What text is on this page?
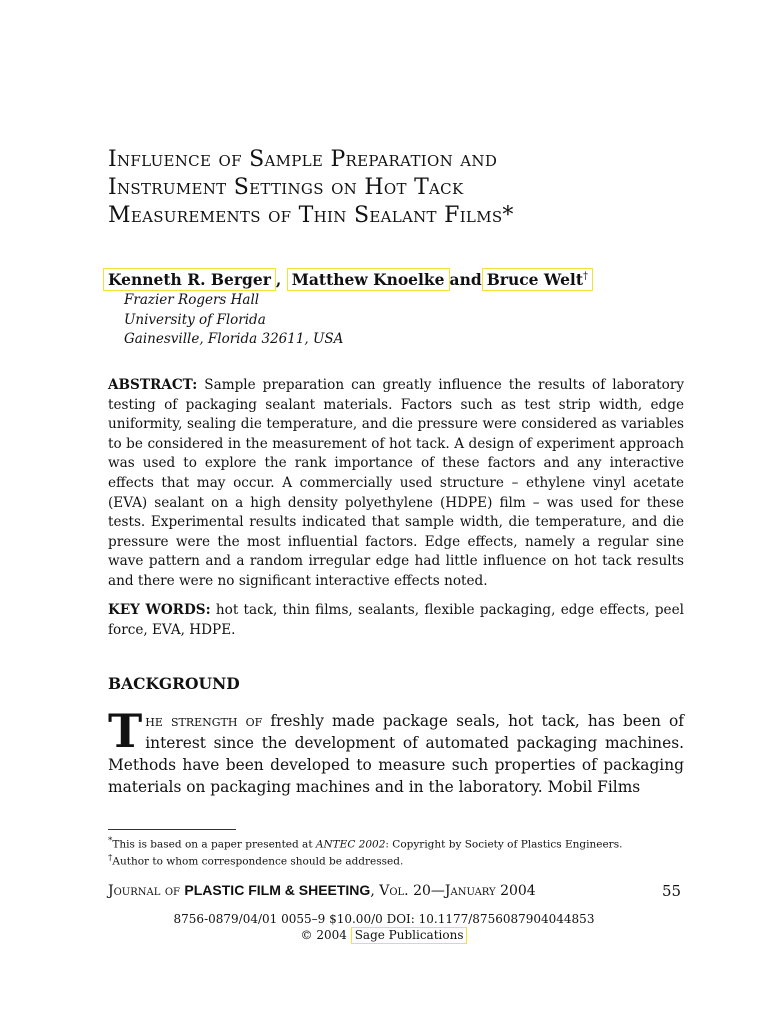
Influence of Sample Preparation and
Instrument Settings on Hot Tack
Measurements of Thin Sealant Films*
Kenneth R. Berger , Matthew Knoelke and Bruce Welt†
Frazier Rogers Hall
University of Florida
Gainesville, Florida 32611, USA

ABSTRACT: Sample preparation can greatly influence the results of laboratory testing of packaging sealant materials. Factors such as test strip width, edge uniformity, sealing die temperature, and die pressure were considered as variables to be considered in the measurement of hot tack. A design of experiment approach was used to explore the rank importance of these factors and any interactive effects that may occur. A commercially used structure – ethylene vinyl acetate (EVA) sealant on a high density polyethylene (HDPE) film – was used for these tests. Experimental results indicated that sample width, die temperature, and die pressure were the most influential factors. Edge effects, namely a regular sine wave pattern and a random irregular edge had little influence on hot tack results and there were no significant interactive effects noted.

KEY WORDS: hot tack, thin films, sealants, flexible packaging, edge effects, peel force, EVA, HDPE.

BACKGROUND

The strength of freshly made package seals, hot tack, has been of interest since the development of automated packaging machines. Methods have been developed to measure such properties of packaging materials on packaging machines and in the laboratory. Mobil Films

*This is based on a paper presented at ANTEC 2002: Copyright by Society of Plastics Engineers.
†Author to whom correspondence should be addressed.
Journal of PLASTIC FILM & SHEETING, Vol. 20—January 2004	55
8756-0879/04/01 0055–9 $10.00/0 DOI: 10.1177/8756087904044853
© 2004 Sage Publications
